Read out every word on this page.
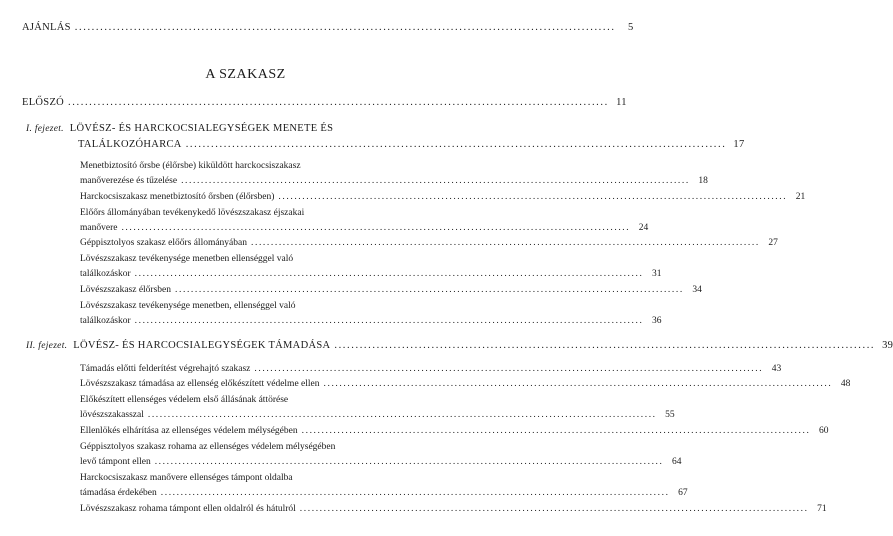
AJÁNLÁS ................................................................................................................................	5
A SZAKASZ
ELŐSZÓ ................................................................................................................................ 11
I. fejezet. LÖVÉSZ- ÉS HARCKOCSIALEGYSÉGEK MENETE ÉS
TALÁLKOZÓHARCA ................................................................................................................................ 17
Menetbiztosító őrsbe (élőrsbe) kiküldött harckocsiszakasz
manőverezése és tűzelése ................................................................................................................................ 18
Harckocsiszakasz menetbiztosító őrsben (élőrsben) ................................................................................................................................ 21
Előőrs állományában tevékenykedő lövészszakasz éjszakai
manővere ................................................................................................................................ 24
Géppisztolyos szakasz előőrs állományában ................................................................................................................................ 27
Lövészszakasz tevékenysége menetben ellenséggel való
találkozáskor ................................................................................................................................ 31
Lövészszakasz élőrsben ................................................................................................................................ 34
Lövészszakasz tevékenysége menetben, ellenséggel való
találkozáskor ................................................................................................................................ 36
II. fejezet. LÖVÉSZ- ÉS HARCOCSIALEGYSÉGEK TÁMADÁSA ................................................................................................................................ 39
Támadás előtti felderítést végrehajtó szakasz ................................................................................................................................ 43
Lövészszakasz támadása az ellenség előkészített védelme ellen ................................................................................................................................ 48
Előkészített ellenséges védelem első állásának áttörése
lövészszakasszal ................................................................................................................................ 55
Ellenlökés elhárítása az ellenséges védelem mélységében ................................................................................................................................ 60
Géppisztolyos szakasz rohama az ellenséges védelem mélységében
levő támpont ellen ................................................................................................................................ 64
Harckocsiszakasz manővere ellenséges támpont oldalba
támadása érdekében ................................................................................................................................ 67
Lövészszakasz rohama támpont ellen oldalról és hátulról ................................................................................................................................ 71
